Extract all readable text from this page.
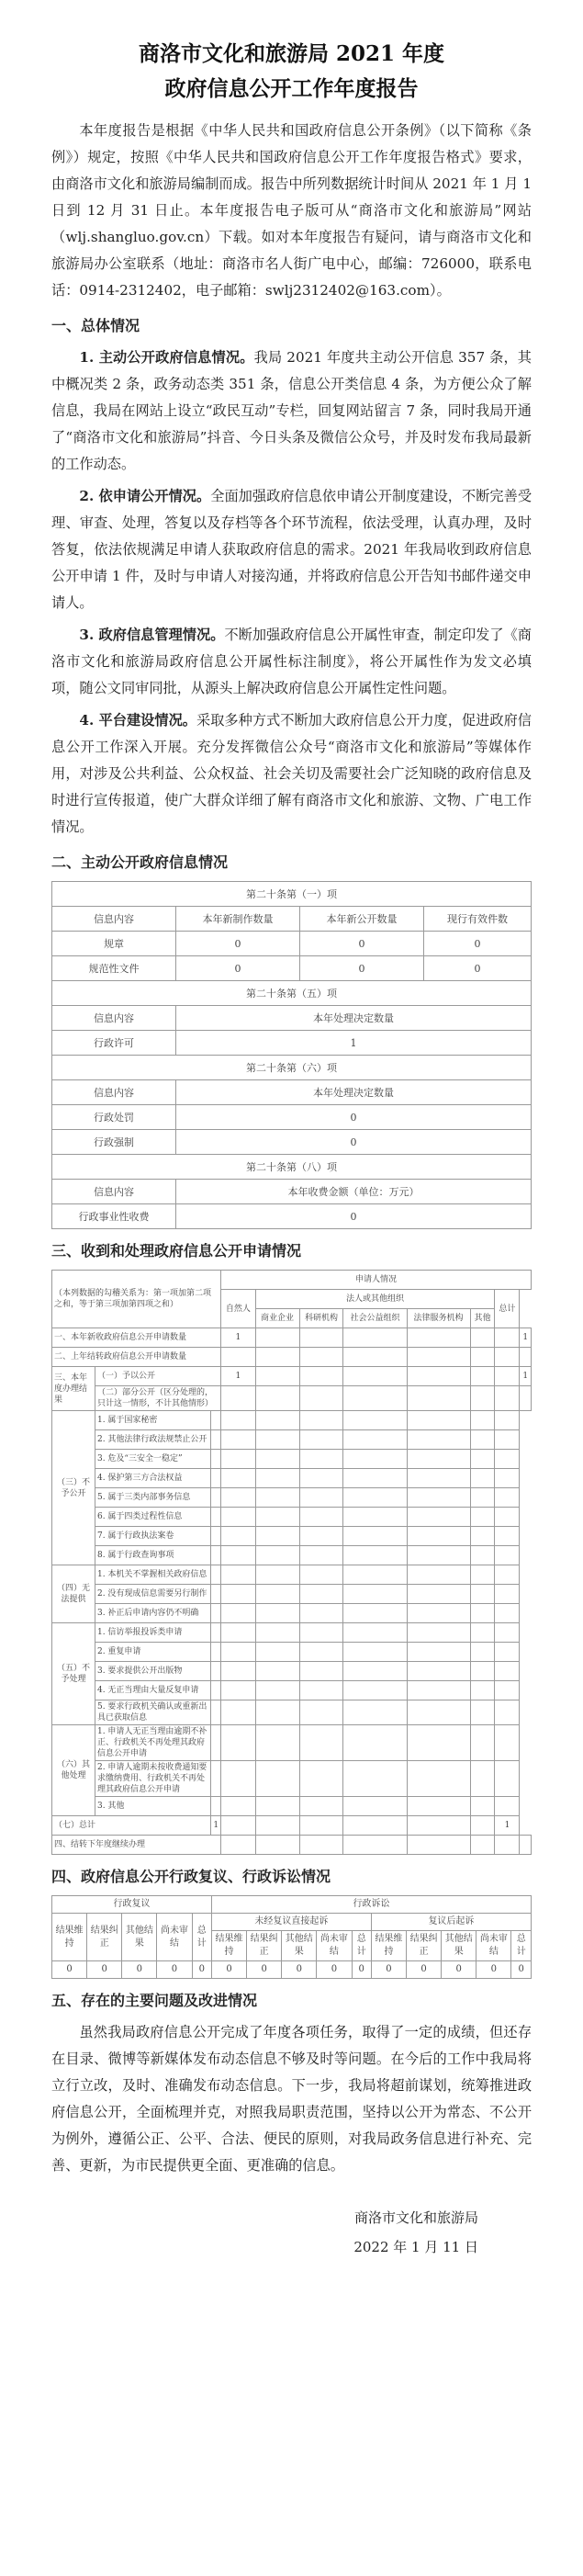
商洛市文化和旅游局 2021 年度
政府信息公开工作年度报告

本年度报告是根据《中华人民共和国政府信息公开条例》（以下简称《条例》）规定，按照《中华人民共和国政府信息公开工作年度报告格式》要求，由商洛市文化和旅游局编制而成。报告中所列数据统计时间从 2021 年 1 月 1 日到 12 月 31 日止。本年度报告电子版可从“商洛市文化和旅游局”网站（wlj.shangluo.gov.cn）下载。如对本年度报告有疑问，请与商洛市文化和旅游局办公室联系（地址：商洛市名人街广电中心，邮编：726000，联系电话：0914-2312402，电子邮箱：swlj2312402@163.com）。

一、总体情况

1. 主动公开政府信息情况。我局 2021 年度共主动公开信息 357 条，其中概况类 2 条，政务动态类 351 条，信息公开类信息 4 条，为方便公众了解信息，我局在网站上设立“政民互动”专栏，回复网站留言 7 条，同时我局开通了“商洛市文化和旅游局”抖音、今日头条及微信公众号，并及时发布我局最新的工作动态。

2. 依申请公开情况。全面加强政府信息依申请公开制度建设，不断完善受理、审查、处理，答复以及存档等各个环节流程，依法受理，认真办理，及时答复，依法依规满足申请人获取政府信息的需求。2021 年我局收到政府信息公开申请 1 件，及时与申请人对接沟通，并将政府信息公开告知书邮件递交申请人。

3. 政府信息管理情况。不断加强政府信息公开属性审查，制定印发了《商洛市文化和旅游局政府信息公开属性标注制度》，将公开属性作为发文必填项，随公文同审同批，从源头上解决政府信息公开属性定性问题。

4. 平台建设情况。采取多种方式不断加大政府信息公开力度，促进政府信息公开工作深入开展。充分发挥微信公众号“商洛市文化和旅游局”等媒体作用，对涉及公共利益、公众权益、社会关切及需要社会广泛知晓的政府信息及时进行宣传报道，使广大群众详细了解有商洛市文化和旅游、文物、广电工作情况。

二、主动公开政府信息情况
第二十条第（一）项			
信息内容	本年新制作数量	本年新公开数量	现行有效件数
规章	0	0	0
规范性文件	0	0	0
第二十条第（五）项			
信息内容	本年处理决定数量		
行政许可	1		
第二十条第（六）项			
信息内容	本年处理决定数量		
行政处罚	0		
行政强制	0		
第二十条第（八）项			
信息内容	本年收费金额（单位：万元）		
行政事业性收费	0		
三、收到和处理政府信息公开申请情况
（本列数据的勾稽关系为：第一项加第二项之和，等于第三项加第四项之和）			申请人情况							
			自然人	法人或其他组织					总计	
				商业企业	科研机构	社会公益组织	法律服务机构	其他		
一、本年新收政府信息公开申请数量			1							1
二、上年结转政府信息公开申请数量										
三、本年度办理结果	（一）予以公开		1							1
	（二）部分公开（区分处理的，只计这一情形，不计其他情形）									
（三）不予公开	1. 属于国家秘密									
	2. 其他法律行政法规禁止公开									
	3. 危及“三安全一稳定”									
	4. 保护第三方合法权益									
	5. 属于三类内部事务信息									
	6. 属于四类过程性信息									
	7. 属于行政执法案卷									
	8. 属于行政查询事项									
（四）无法提供	1. 本机关不掌握相关政府信息									
	2. 没有现成信息需要另行制作									
	3. 补正后申请内容仍不明确									
（五）不予处理	1. 信访举报投诉类申请									
	2. 重复申请									
	3. 要求提供公开出版物									
	4. 无正当理由大量反复申请									
	5. 要求行政机关确认或重新出具已获取信息									
（六）其他处理	1. 申请人无正当理由逾期不补正、行政机关不再处理其政府信息公开申请									
	2. 申请人逾期未按收费通知要求缴纳费用、行政机关不再处理其政府信息公开申请									
	3. 其他									
（七）总计		1							1	
四、结转下年度继续办理										
四、政府信息公开行政复议、行政诉讼情况
行政复议					行政诉讼									
结果维持	结果纠正	其他结果	尚未审结	总计	未经复议直接起诉					复议后起诉				
					结果维持	结果纠正	其他结果	尚未审结	总计	结果维持	结果纠正	其他结果	尚未审结	总计
0	0	0	0	0	0	0	0	0	0	0	0	0	0	0
五、存在的主要问题及改进情况

虽然我局政府信息公开完成了年度各项任务，取得了一定的成绩，但还存在目录、微博等新媒体发布动态信息不够及时等问题。在今后的工作中我局将立行立改，及时、准确发布动态信息。下一步，我局将超前谋划，统筹推进政府信息公开，全面梳理并克，对照我局职责范围，坚持以公开为常态、不公开为例外，遵循公正、公平、合法、便民的原则，对我局政务信息进行补充、完善、更新，为市民提供更全面、更准确的信息。

商洛市文化和旅游局
2022 年 1 月 11 日
